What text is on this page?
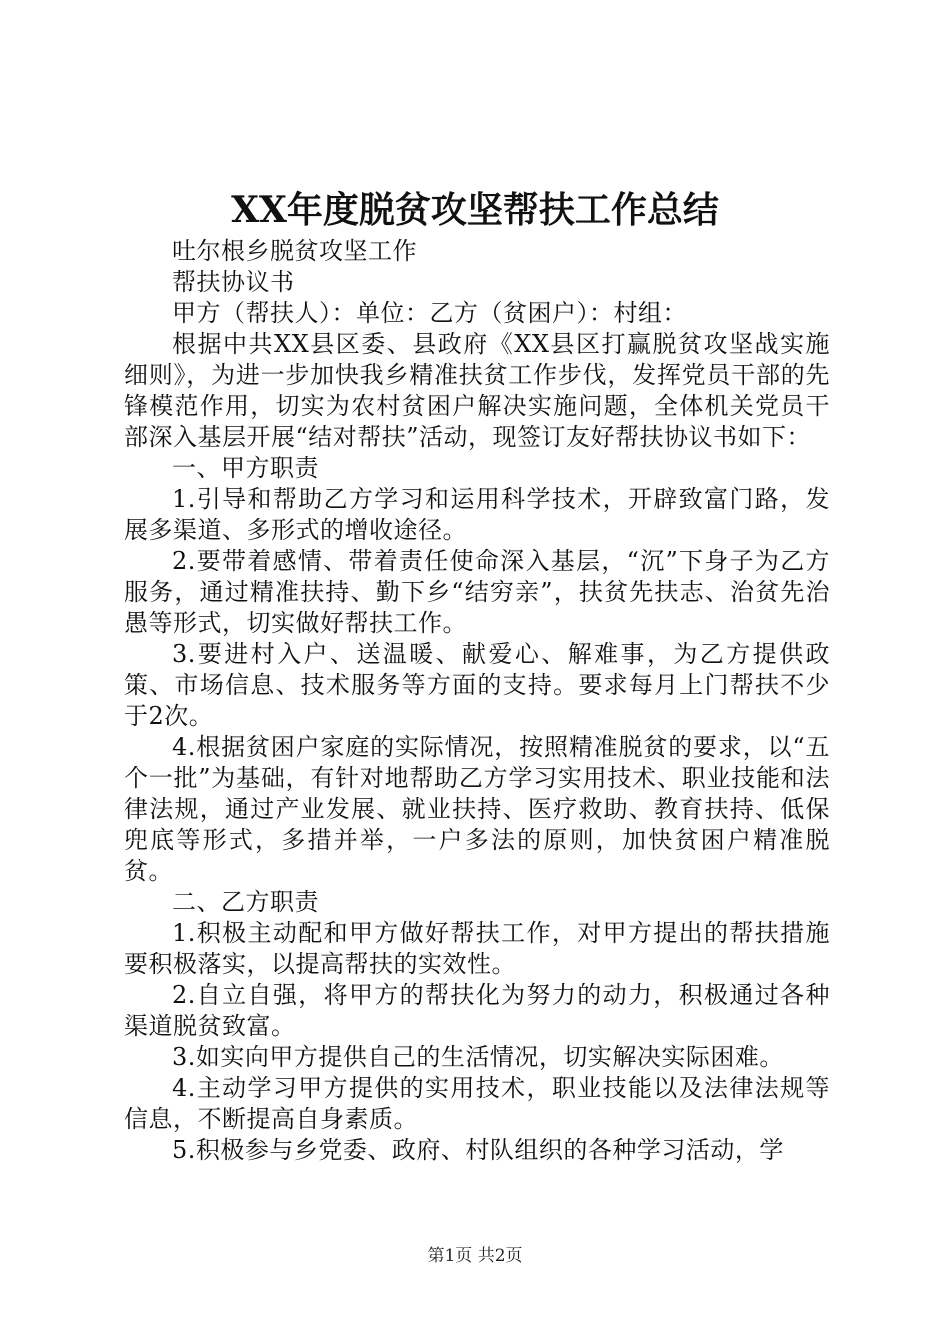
XX年度脱贫攻坚帮扶工作总结

吐尔根乡脱贫攻坚工作

帮扶协议书

甲方（帮扶人）：单位：乙方（贫困户）：村组：

根据中共XX县区委、县政府《XX县区打赢脱贫攻坚战实施细则》，为进一步加快我乡精准扶贫工作步伐，发挥党员干部的先锋模范作用，切实为农村贫困户解决实施问题，全体机关党员干部深入基层开展“结对帮扶”活动，现签订友好帮扶协议书如下：

一、甲方职责

1.引导和帮助乙方学习和运用科学技术，开辟致富门路，发展多渠道、多形式的增收途径。

2.要带着感情、带着责任使命深入基层，“沉”下身子为乙方服务，通过精准扶持、勤下乡“结穷亲”，扶贫先扶志、治贫先治愚等形式，切实做好帮扶工作。

3.要进村入户、送温暖、献爱心、解难事，为乙方提供政策、市场信息、技术服务等方面的支持。要求每月上门帮扶不少于2次。

4.根据贫困户家庭的实际情况，按照精准脱贫的要求，以“五个一批”为基础，有针对地帮助乙方学习实用技术、职业技能和法律法规，通过产业发展、就业扶持、医疗救助、教育扶持、低保兜底等形式，多措并举，一户多法的原则，加快贫困户精准脱贫。

二、乙方职责

1.积极主动配和甲方做好帮扶工作，对甲方提出的帮扶措施要积极落实，以提高帮扶的实效性。

2.自立自强，将甲方的帮扶化为努力的动力，积极通过各种渠道脱贫致富。

3.如实向甲方提供自己的生活情况，切实解决实际困难。

4.主动学习甲方提供的实用技术，职业技能以及法律法规等信息，不断提高自身素质。

5.积极参与乡党委、政府、村队组织的各种学习活动，学

第1页 共2页
